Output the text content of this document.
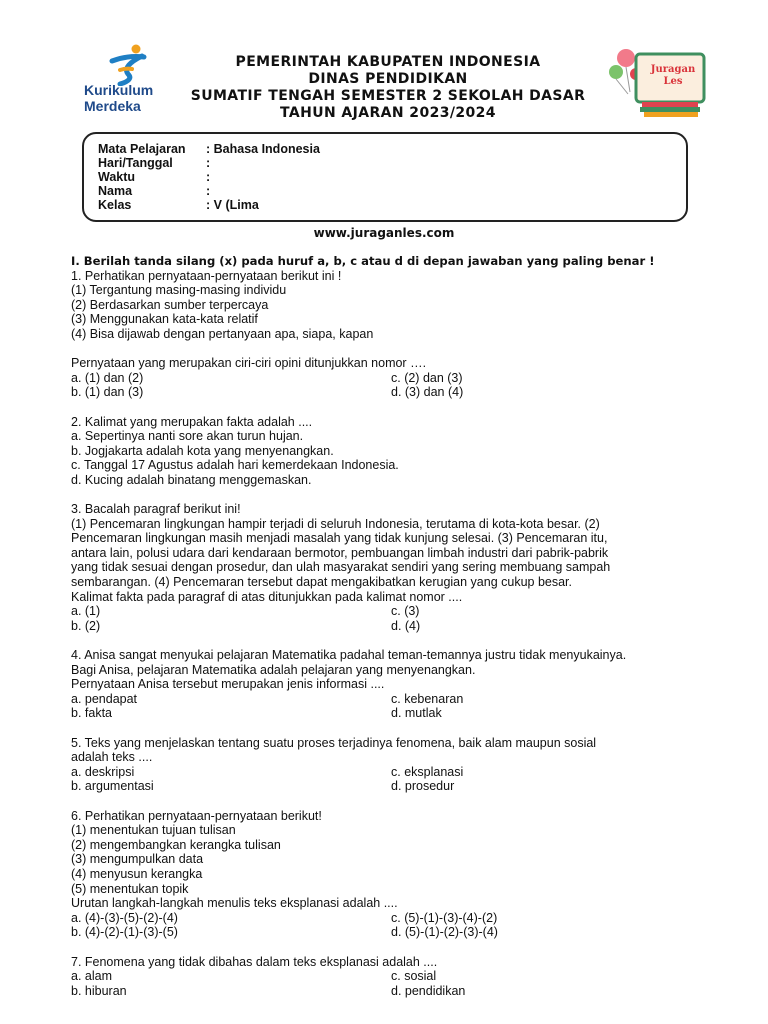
Kurikulum
Merdeka
Juragan
Les
PEMERINTAH KABUPATEN INDONESIA
DINAS PENDIDIKAN
SUMATIF TENGAH SEMESTER 2 SEKOLAH DASAR
TAHUN AJARAN 2023/2024
Mata Pelajaran : Bahasa Indonesia
Hari/Tanggal	:
Waktu	:
Nama	:
Kelas	: V (Lima
www.juraganles.com
I. Berilah tanda silang (x) pada huruf a, b, c atau d di depan jawaban yang paling benar !
1. Perhatikan pernyataan-pernyataan berikut ini !
(1) Tergantung masing-masing individu
(2) Berdasarkan sumber terpercaya
(3) Menggunakan kata-kata relatif
(4) Bisa dijawab dengan pertanyaan apa, siapa, kapan
Pernyataan yang merupakan ciri-ciri opini ditunjukkan nomor ….
a. (1) dan (2)	c. (2) dan (3)
b. (1) dan (3)	d. (3) dan (4)
2. Kalimat yang merupakan fakta adalah ....
a. Sepertinya nanti sore akan turun hujan.
b. Jogjakarta adalah kota yang menyenangkan.
c. Tanggal 17 Agustus adalah hari kemerdekaan Indonesia.
d. Kucing adalah binatang menggemaskan.
3. Bacalah paragraf berikut ini!
(1) Pencemaran lingkungan hampir terjadi di seluruh Indonesia, terutama di kota-kota besar. (2)
Pencemaran lingkungan masih menjadi masalah yang tidak kunjung selesai. (3) Pencemaran itu,
antara lain, polusi udara dari kendaraan bermotor, pembuangan limbah industri dari pabrik-pabrik
yang tidak sesuai dengan prosedur, dan ulah masyarakat sendiri yang sering membuang sampah
sembarangan. (4) Pencemaran tersebut dapat mengakibatkan kerugian yang cukup besar.
Kalimat fakta pada paragraf di atas ditunjukkan pada kalimat nomor ....
a. (1)	c. (3)
b. (2)	d. (4)
4. Anisa sangat menyukai pelajaran Matematika padahal teman-temannya justru tidak menyukainya.
Bagi Anisa, pelajaran Matematika adalah pelajaran yang menyenangkan.
Pernyataan Anisa tersebut merupakan jenis informasi ....
a. pendapat	c. kebenaran
b. fakta	d. mutlak
5. Teks yang menjelaskan tentang suatu proses terjadinya fenomena, baik alam maupun sosial
adalah teks ....
a. deskripsi	c. eksplanasi
b. argumentasi	d. prosedur
6. Perhatikan pernyataan-pernyataan berikut!
(1) menentukan tujuan tulisan
(2) mengembangkan kerangka tulisan
(3) mengumpulkan data
(4) menyusun kerangka
(5) menentukan topik
Urutan langkah-langkah menulis teks eksplanasi adalah ....
a. (4)-(3)-(5)-(2)-(4)	c. (5)-(1)-(3)-(4)-(2)
b. (4)-(2)-(1)-(3)-(5)	d. (5)-(1)-(2)-(3)-(4)
7. Fenomena yang tidak dibahas dalam teks eksplanasi adalah ....
a. alam	c. sosial
b. hiburan	d. pendidikan
